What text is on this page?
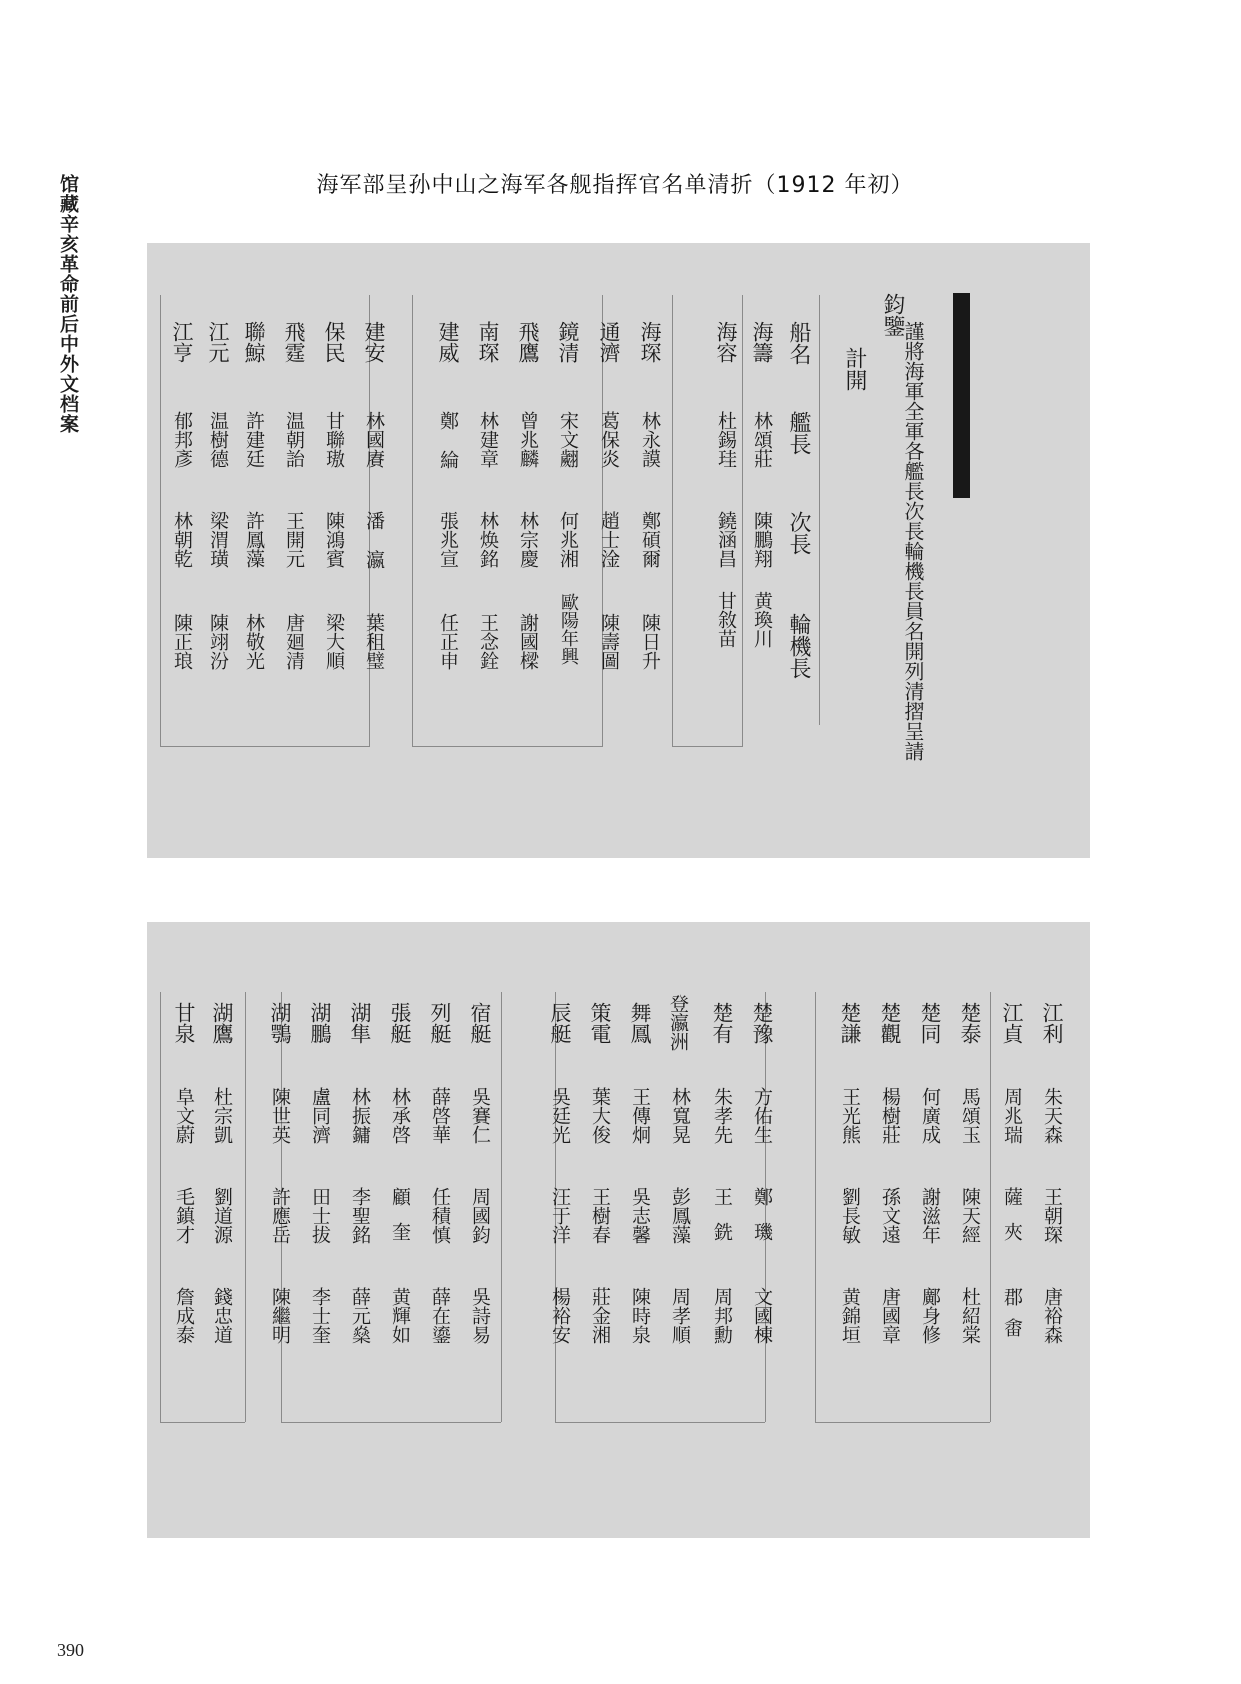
馆藏辛亥革命前后中外文档案	海军部呈孙中山之海军各舰指挥官名单清折（1912 年初）
謹將海軍全軍各艦長次長輪機長員名開列清摺呈請
鈞鑒
計開
船名
艦長
次長
輪機長
海籌
林頌莊
陳鵬翔
黄瑍川
海容
杜錫珪
鐃涵昌
甘敘苗
海琛
林永謨
鄭碩爾
陳日升
通濟
葛保炎
趙士淦
陳壽圖
鏡清
宋文翽
何兆湘
歐陽年興
飛鷹
曾兆麟
林宗慶
謝國樑
南琛
林建章
林焕銘
王念銓
建威
鄭綸
張兆宣
任正申
建安
林國賡
潘瀛
葉租璧
保民
甘聯璈
陳鴻賓
梁大順
飛霆
温朝詒
王開元
唐廻清
聯鯨
許建廷
許鳳藻
林敬光
江元
温樹德
梁渭璜
陳翊汾
江亨
郁邦彥
林朝乾
陳正琅
江利
朱天森
王朝琛
唐裕森
江貞
周兆瑞
薩夾
郡畬
楚泰
馬頌玉
陳天經
杜紹棠
楚同
何廣成
謝滋年
鄺身修
楚觀
楊樹莊
孫文遠
唐國章
楚謙
王光熊
劉長敏
黄錦垣
楚豫
方佑生
鄭璣
文國棟
楚有
朱孝先
王銑
周邦勳
登瀛洲
林寬晃
彭鳳藻
周孝順
舞鳳
王傳炯
吳志馨
陳時泉
策電
葉大俊
王樹春
莊金湘
辰艇
吳廷光
汪于洋
楊裕安
宿艇
吳賽仁
周國鈞
吳詩易
列艇
薛啓華
任積慎
薛在鎏
張艇
林承啓
顧奎
黄輝如
湖隼
林振鏞
李聖銘
薛元燊
湖鵬
盧同濟
田士拔
李士奎
湖鶚
陳世英
許應岳
陳繼明
湖鷹
杜宗凱
劉道源
錢忠道
甘泉
阜文蔚
毛鎮才
詹成泰
390
